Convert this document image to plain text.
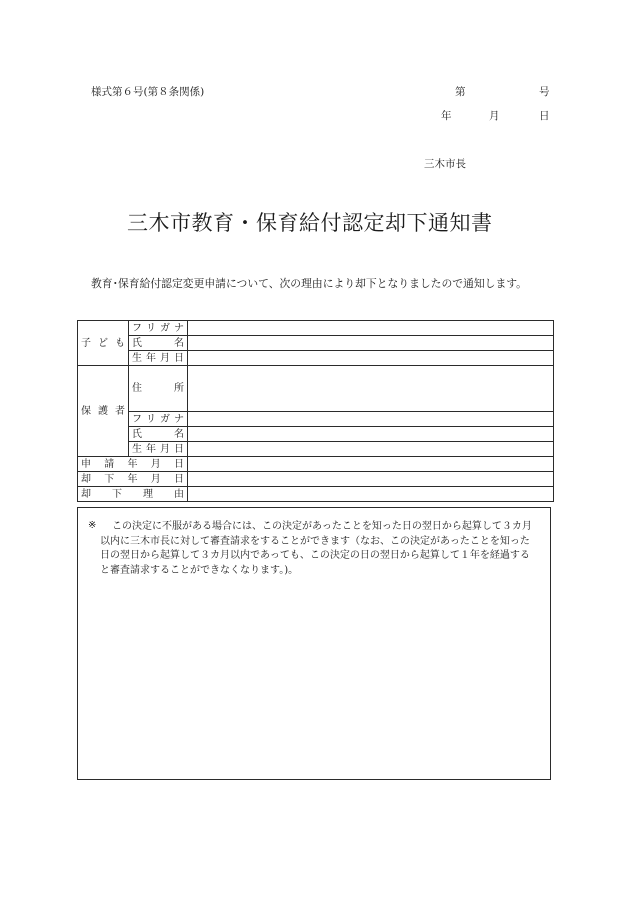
様式第６号(第８条関係)	第	号
年	月	日
三木市長
三木市教育・保育給付認定却下通知書
教育･保育給付認定変更申請について、次の理由により却下となりましたので通知します。
子 ど も	フ リ ガ ナ	

	氏 名	

	生 年 月 日	

保 護 者	住 所	

	フ リ ガ ナ	

	氏 名	

	生 年 月 日	

申 請 年 月 日		

却 下 年 月 日		

却 下 理 由		

※	この決定に不服がある場合には、この決定があったことを知った日の翌日から起算して３カ月以内に三木市長に対して審査請求をすることができます（なお、この決定があったことを知った日の翌日から起算して３カ月以内であっても、この決定の日の翌日から起算して１年を経過すると審査請求することができなくなります。)。
